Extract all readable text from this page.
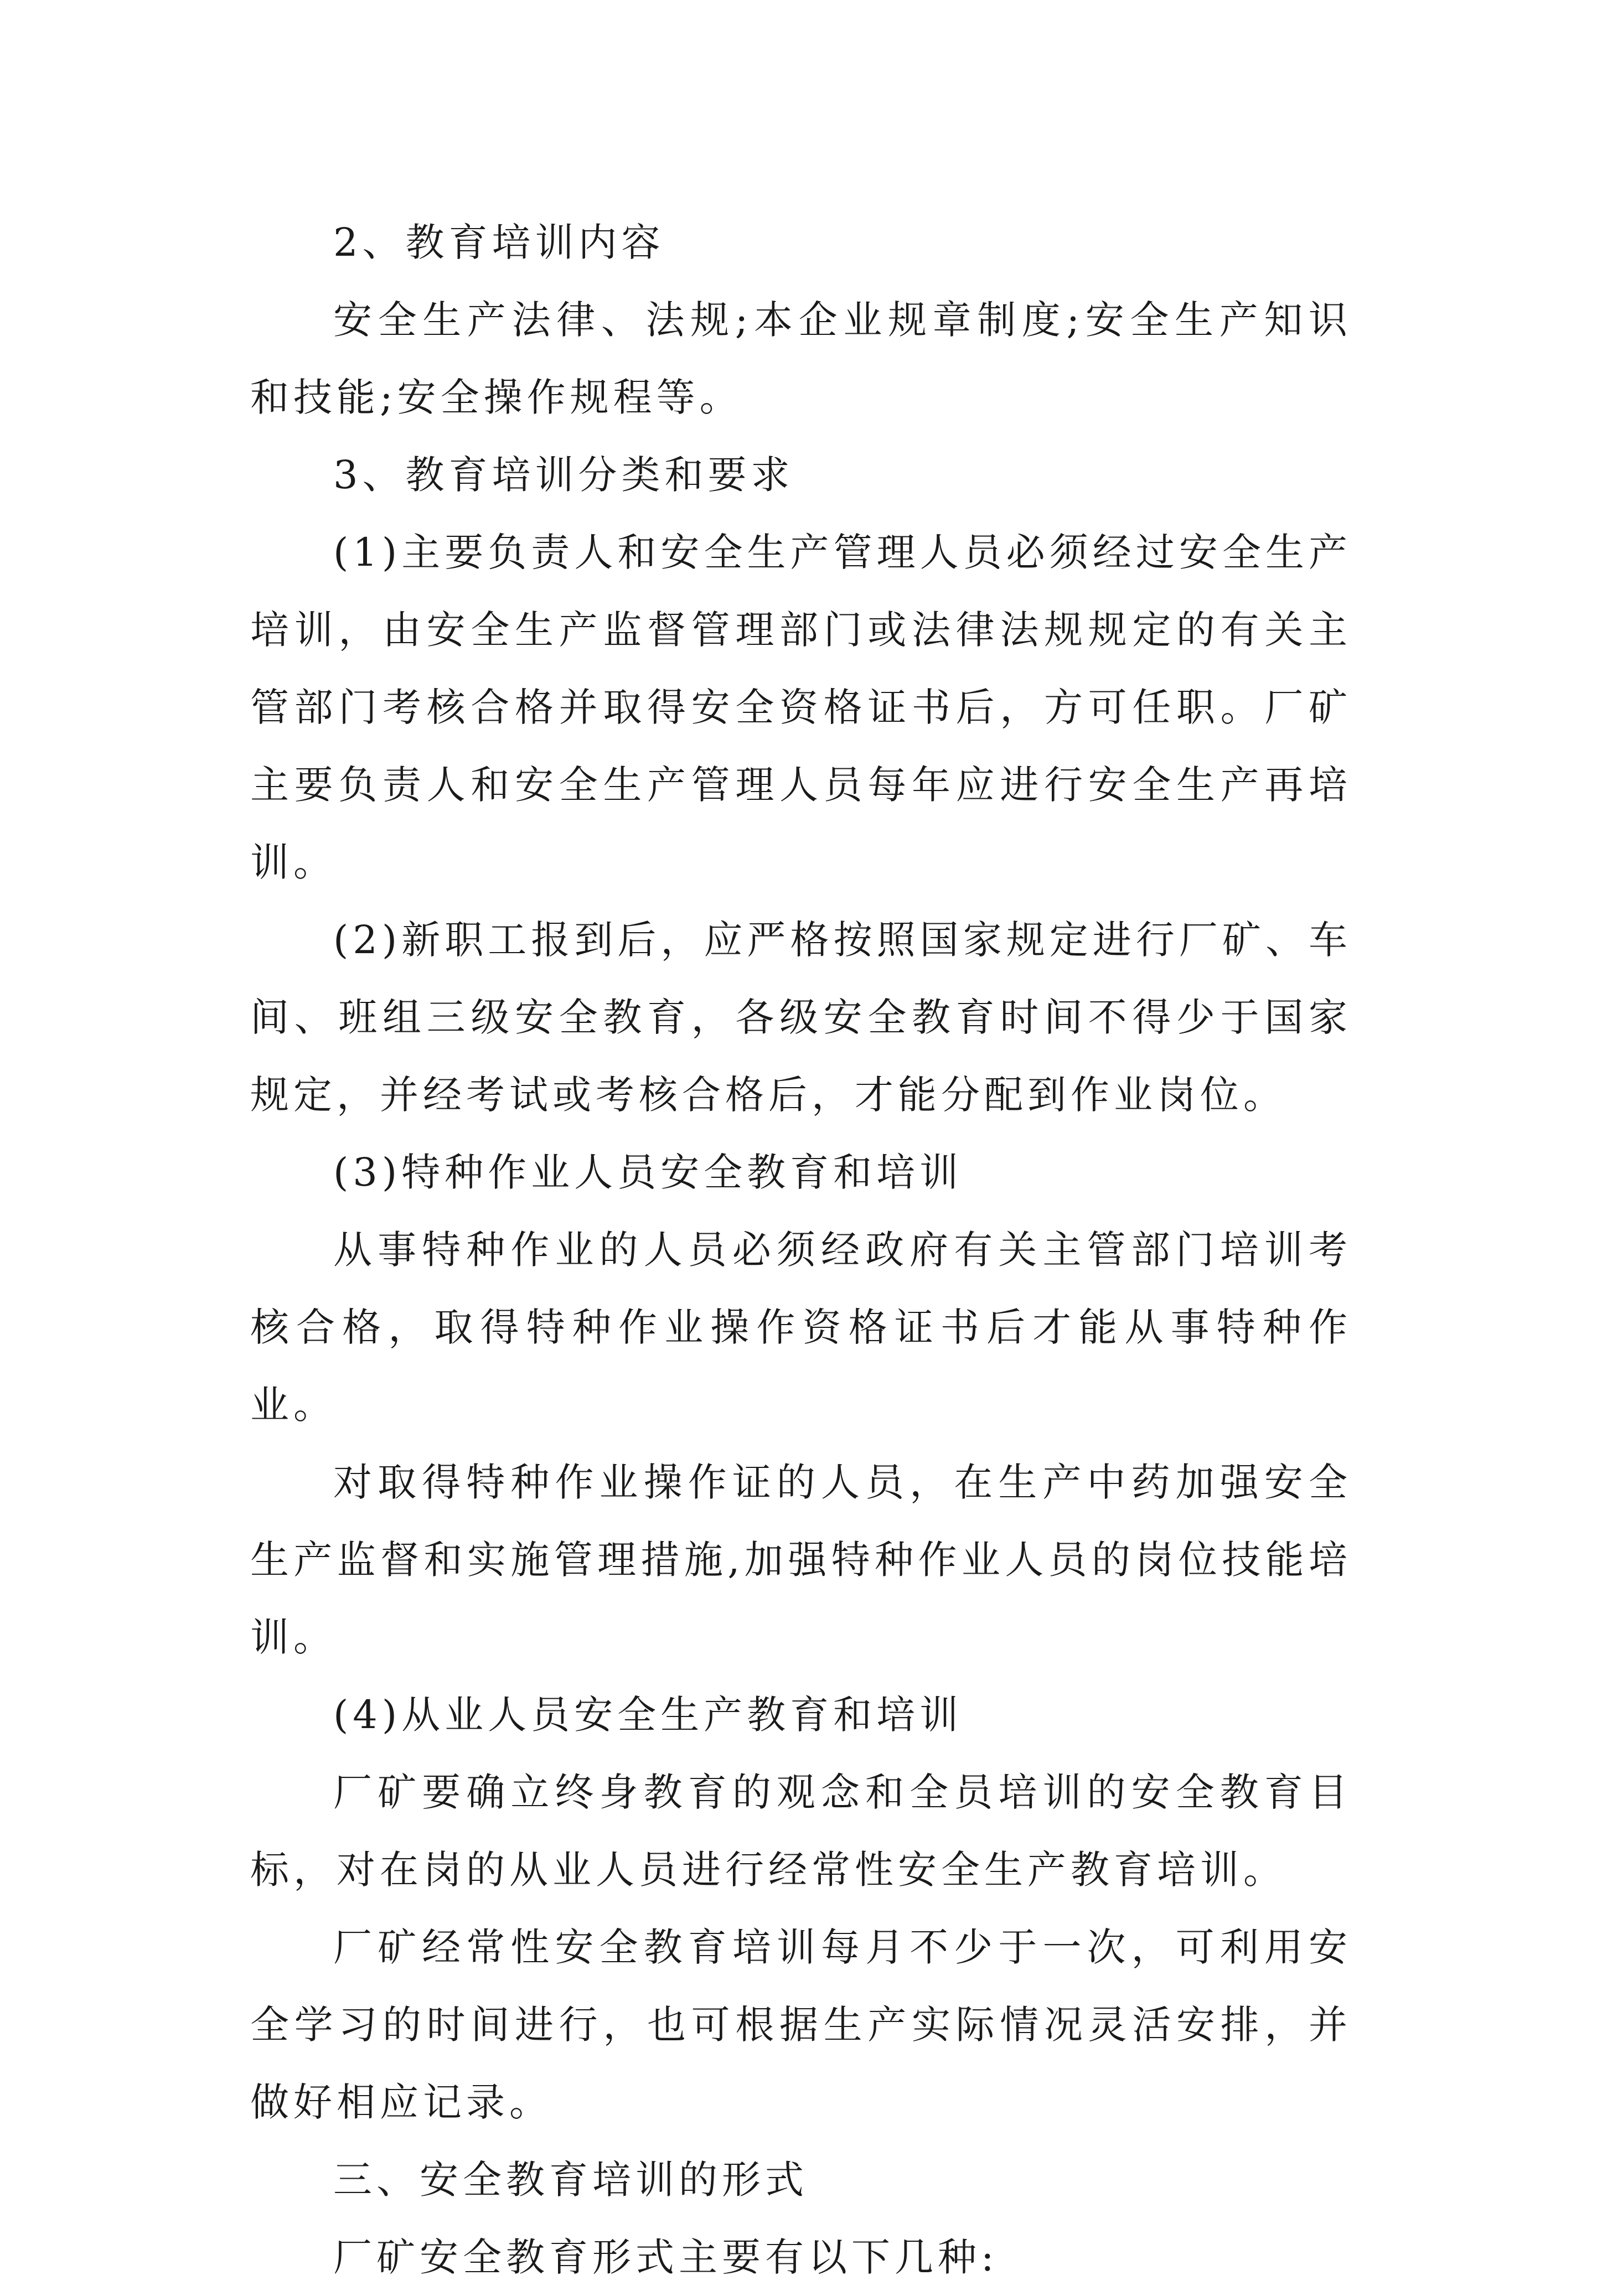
2、教育培训内容

安全生产法律、法规;本企业规章制度;安全生产知识和技能;安全操作规程等。

3、教育培训分类和要求

(1)主要负责人和安全生产管理人员必须经过安全生产培训，由安全生产监督管理部门或法律法规规定的有关主管部门考核合格并取得安全资格证书后，方可任职。厂矿主要负责人和安全生产管理人员每年应进行安全生产再培训。

(2)新职工报到后，应严格按照国家规定进行厂矿、车间、班组三级安全教育，各级安全教育时间不得少于国家规定，并经考试或考核合格后，才能分配到作业岗位。

(3)特种作业人员安全教育和培训

从事特种作业的人员必须经政府有关主管部门培训考核合格，取得特种作业操作资格证书后才能从事特种作业。

对取得特种作业操作证的人员，在生产中药加强安全生产监督和实施管理措施,加强特种作业人员的岗位技能培训。

(4)从业人员安全生产教育和培训

厂矿要确立终身教育的观念和全员培训的安全教育目标，对在岗的从业人员进行经常性安全生产教育培训。

厂矿经常性安全教育培训每月不少于一次，可利用安全学习的时间进行，也可根据生产实际情况灵活安排，并做好相应记录。

三、安全教育培训的形式

厂矿安全教育形式主要有以下几种:
